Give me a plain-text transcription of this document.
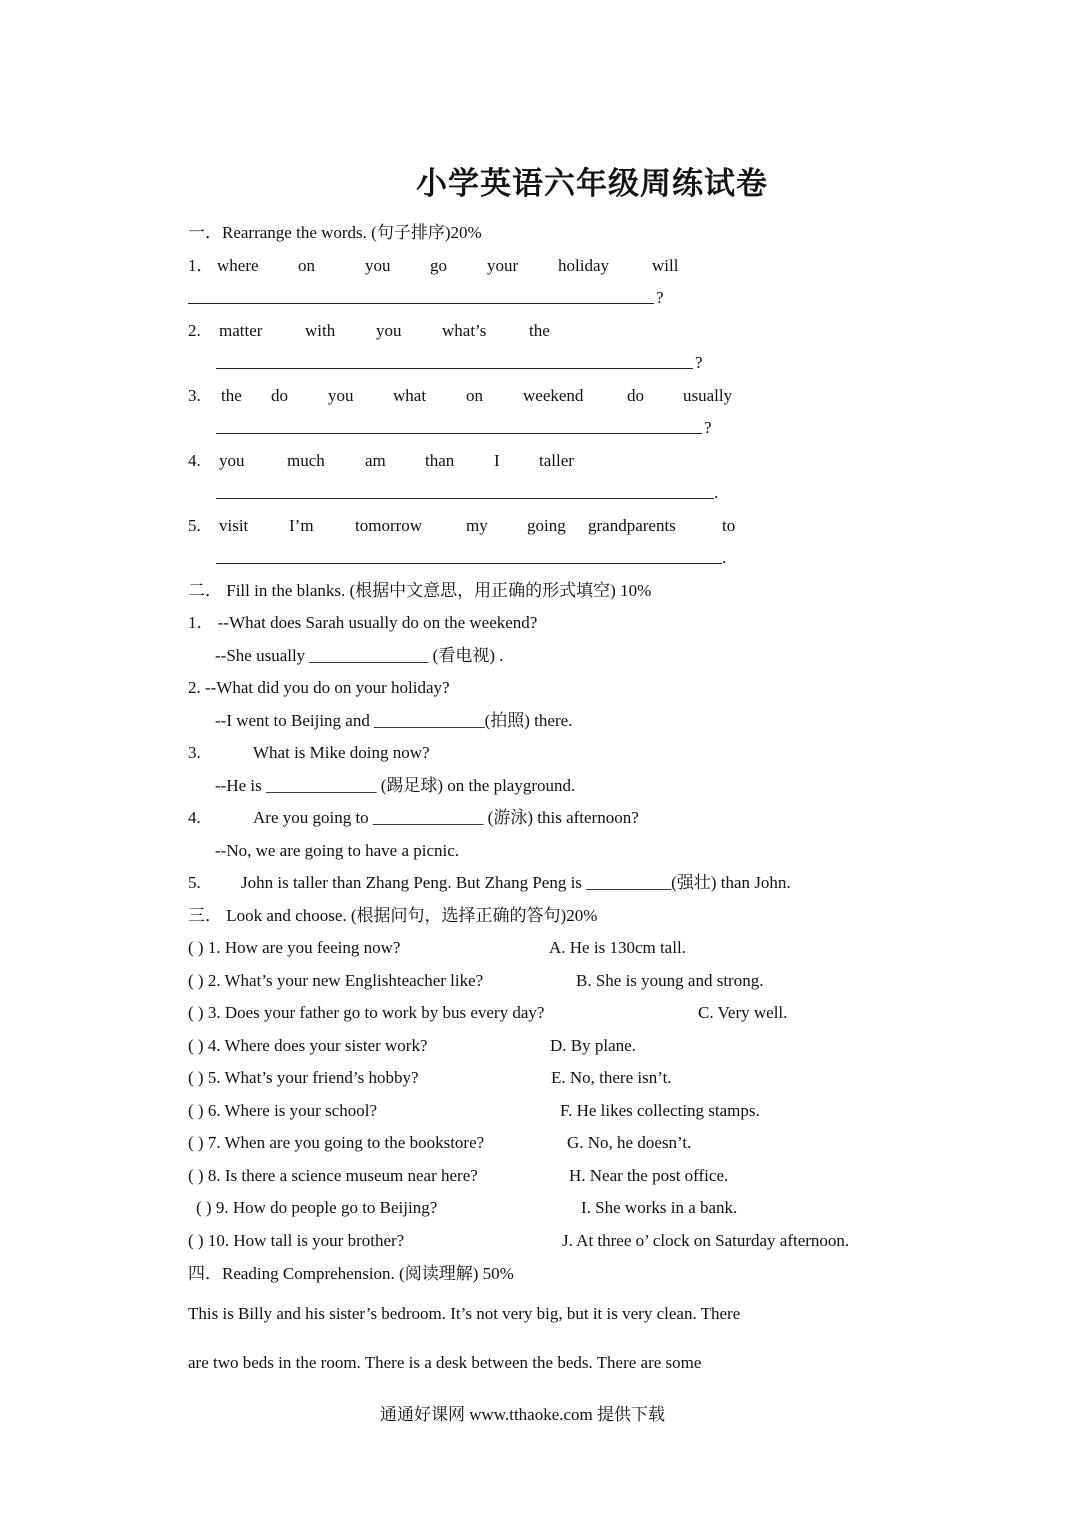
小学英语六年级周练试卷
一．Rearrange the words. (句子排序)20%
1． where on	you go your holiday	will
?
2. matter	with you what’s	the
?
3. the do you what on weekend	do usually
?
4. you	much am than I taller
.
5. visit I’m tomorrow	my going grandparents	to
.
二． Fill in the blanks. (根据中文意思，用正确的形式填空) 10%
1． --What does Sarah usually do on the weekend?
--She usually ______________ (看电视) .
2. --What did you do on your holiday?
--I went to Beijing and _____________(拍照) there.
3.	What is Mike doing now?
--He is _____________ (踢足球) on the playground.
4.	Are you going to _____________ (游泳) this afternoon?
--No, we are going to have a picnic.
5. John is taller than Zhang Peng. But Zhang Peng is __________(强壮) than John.
三． Look and choose. (根据问句，选择正确的答句)20%
( ) 1. How are you feeing now?	A. He is 130cm tall.
( ) 2. What’s your new Englishteacher like?	B. She is young and strong.
( ) 3. Does your father go to work by bus every day?	C. Very well.
( ) 4. Where does your sister work?	D. By plane.
( ) 5. What’s your friend’s hobby?	E. No, there isn’t.
( ) 6. Where is your school?	F. He likes collecting stamps.
( ) 7. When are you going to the bookstore?	G. No, he doesn’t.
( ) 8. Is there a science museum near here?	H. Near the post office.
( ) 9. How do people go to Beijing?	I. She works in a bank.
( ) 10. How tall is your brother?	J. At three o’ clock on Saturday afternoon.
四．Reading Comprehension. (阅读理解) 50%
This is Billy and his sister’s bedroom. It’s not very big, but it is very clean. There
are two beds in the room. There is a desk between the beds. There are some
通通好课网 www.tthaoke.com 提供下载
